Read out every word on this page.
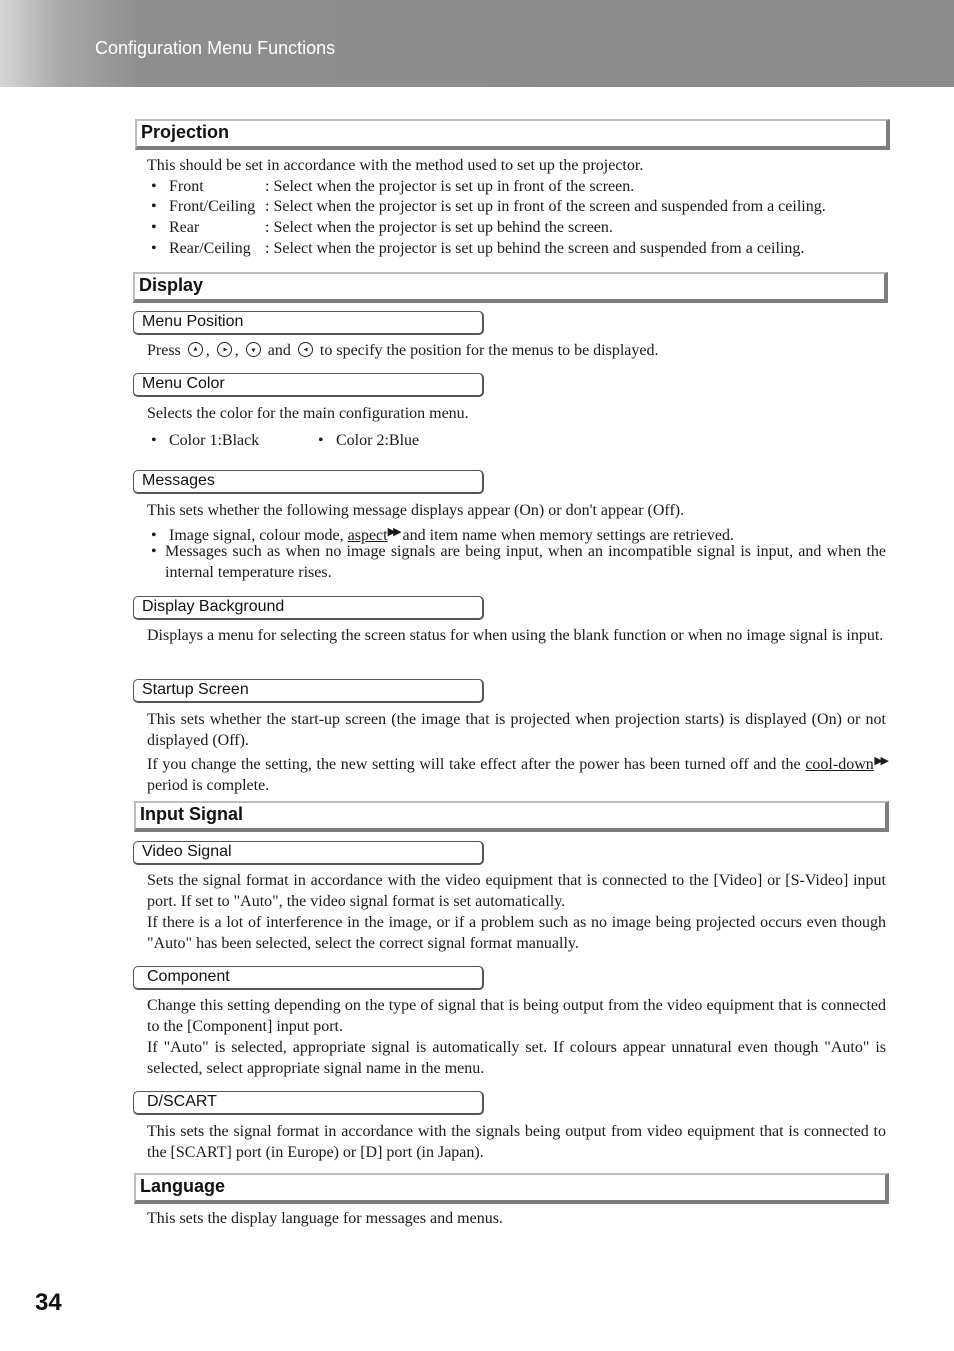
Configuration Menu Functions
Projection
This should be set in accordance with the method used to set up the projector.
• Front	: Select when the projector is set up in front of the screen.
• Front/Ceiling : Select when the projector is set up in front of the screen and suspended from a ceiling.
• Rear	: Select when the projector is set up behind the screen.
• Rear/Ceiling : Select when the projector is set up behind the screen and suspended from a ceiling.
Display
Menu Position
Press , , and to specify the position for the menus to be displayed.
Menu Color
Selects the color for the main configuration menu.
• Color 1:Black	• Color 2:Blue
Messages
This sets whether the following message displays appear (On) or don't appear (Off).
• Image signal, colour mode, aspect▶▶ and item name when memory settings are retrieved.
• Messages such as when no image signals are being input, when an incompatible signal is input, and when the internal temperature rises.
Display Background
Displays a menu for selecting the screen status for when using the blank function or when no image signal is input.
Startup Screen
This sets whether the start-up screen (the image that is projected when projection starts) is displayed (On) or not displayed (Off).
If you change the setting, the new setting will take effect after the power has been turned off and the cool-down▶▶ period is complete.
Input Signal
Video Signal
Sets the signal format in accordance with the video equipment that is connected to the [Video] or [S-Video] input port. If set to "Auto", the video signal format is set automatically.
If there is a lot of interference in the image, or if a problem such as no image being projected occurs even though "Auto" has been selected, select the correct signal format manually.
Component
Change this setting depending on the type of signal that is being output from the video equipment that is connected to the [Component] input port.
If "Auto" is selected, appropriate signal is automatically set. If colours appear unnatural even though "Auto" is selected, select appropriate signal name in the menu.
D/SCART
This sets the signal format in accordance with the signals being output from video equipment that is connected to the [SCART] port (in Europe) or [D] port (in Japan).
Language
This sets the display language for messages and menus.
34
